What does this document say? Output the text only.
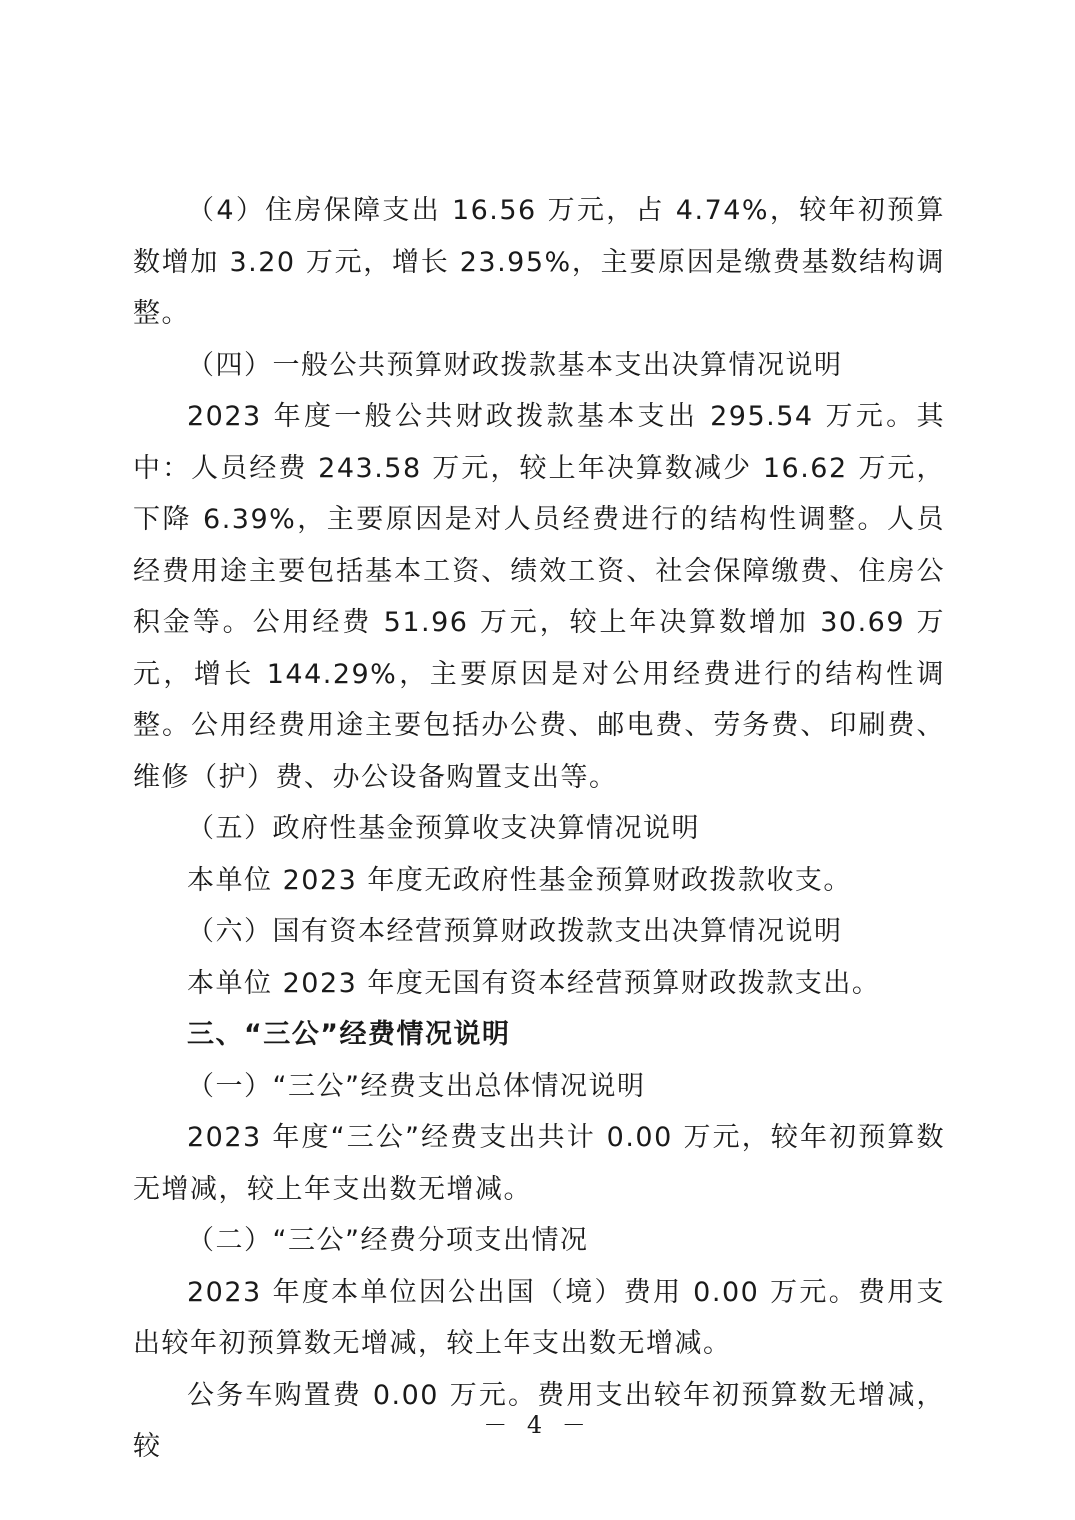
（4）住房保障支出 16.56 万元，占 4.74%，较年初预算数增加 3.20 万元，增长 23.95%，主要原因是缴费基数结构调整。

（四）一般公共预算财政拨款基本支出决算情况说明

2023 年度一般公共财政拨款基本支出 295.54 万元。其中：人员经费 243.58 万元，较上年决算数减少 16.62 万元，下降 6.39%，主要原因是对人员经费进行的结构性调整。人员经费用途主要包括基本工资、绩效工资、社会保障缴费、住房公积金等。公用经费 51.96 万元，较上年决算数增加 30.69 万元，增长 144.29%，主要原因是对公用经费进行的结构性调整。公用经费用途主要包括办公费、邮电费、劳务费、印刷费、维修（护）费、办公设备购置支出等。

（五）政府性基金预算收支决算情况说明

本单位 2023 年度无政府性基金预算财政拨款收支。

（六）国有资本经营预算财政拨款支出决算情况说明

本单位 2023 年度无国有资本经营预算财政拨款支出。

三、“三公”经费情况说明

（一）“三公”经费支出总体情况说明

2023 年度“三公”经费支出共计 0.00 万元，较年初预算数无增减，较上年支出数无增减。

（二）“三公”经费分项支出情况

2023 年度本单位因公出国（境）费用 0.00 万元。费用支出较年初预算数无增减，较上年支出数无增减。

公务车购置费 0.00 万元。费用支出较年初预算数无增减，较

－ 4 －
